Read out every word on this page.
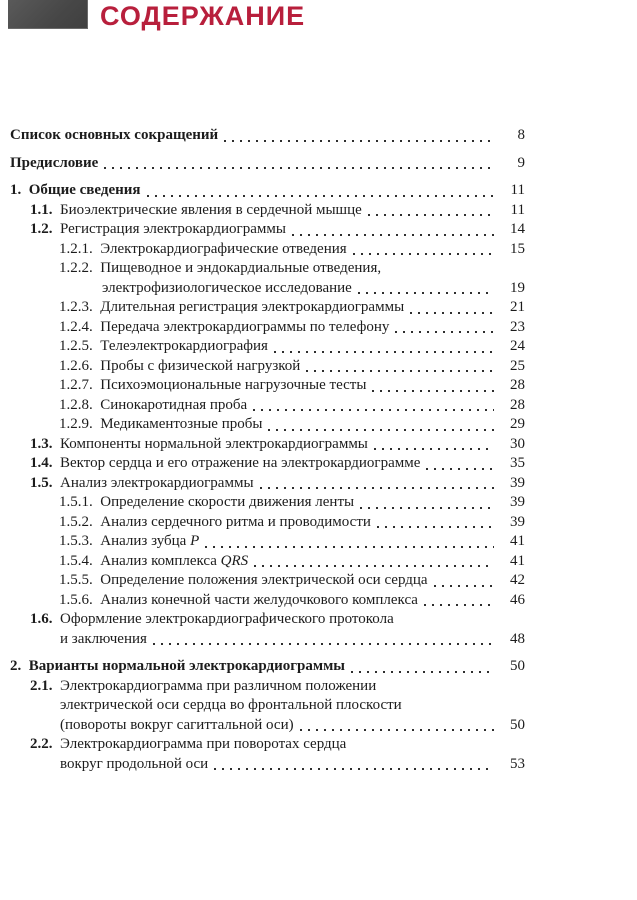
СОДЕРЖАНИЕ
Список основных сокращений	8
Предисловие	9
1. Общие сведения	11
1.1. Биоэлектрические явления в сердечной мышце	11
1.2. Регистрация электрокардиограммы	14
1.2.1. Электрокардиографические отведения	15
1.2.2. Пищеводное и эндокардиальные отведения,
электрофизиологическое исследование	19
1.2.3. Длительная регистрация электрокардиограммы	21
1.2.4. Передача электрокардиограммы по телефону	23
1.2.5. Телеэлектрокардиография	24
1.2.6. Пробы с физической нагрузкой	25
1.2.7. Психоэмоциональные нагрузочные тесты	28
1.2.8. Синокаротидная проба	28
1.2.9. Медикаментозные пробы	29
1.3. Компоненты нормальной электрокардиограммы	30
1.4. Вектор сердца и его отражение на электрокардиограмме	35
1.5. Анализ электрокардиограммы	39
1.5.1. Определение скорости движения ленты	39
1.5.2. Анализ сердечного ритма и проводимости	39
1.5.3. Анализ зубца P	41
1.5.4. Анализ комплекса QRS	41
1.5.5. Определение положения электрической оси сердца	42
1.5.6. Анализ конечной части желудочкового комплекса	46
1.6. Оформление электрокардиографического протокола
и заключения	48
2. Варианты нормальной электрокардиограммы	50
2.1. Электрокардиограмма при различном положении
электрической оси сердца во фронтальной плоскости
(повороты вокруг сагиттальной оси)	50
2.2. Электрокардиограмма при поворотах сердца
вокруг продольной оси	53
